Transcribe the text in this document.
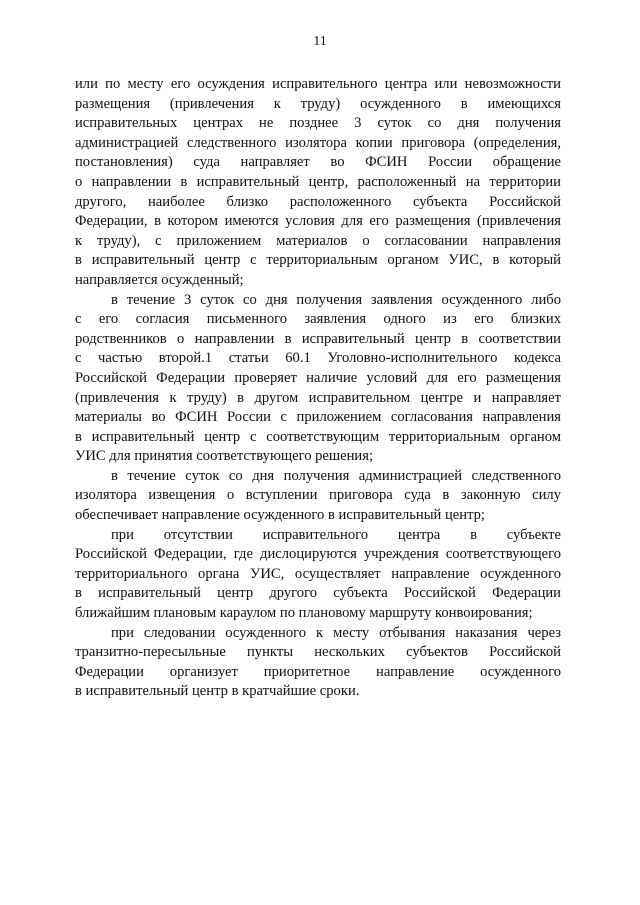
11
или по месту его осуждения исправительного центра или невозможности
размещения (привлечения к труду) осужденного в имеющихся
исправительных центрах не позднее 3 суток со дня получения
администрацией следственного изолятора копии приговора (определения,
постановления) суда направляет во ФСИН России обращение
о направлении в исправительный центр, расположенный на территории
другого, наиболее близко расположенного субъекта Российской
Федерации, в котором имеются условия для его размещения (привлечения
к труду), с приложением материалов о согласовании направления
в исправительный центр с территориальным органом УИС, в который
направляется осужденный;
в течение 3 суток со дня получения заявления осужденного либо
с его согласия письменного заявления одного из его близких
родственников о направлении в исправительный центр в соответствии
с частью второй.1 статьи 60.1 Уголовно-исполнительного кодекса
Российской Федерации проверяет наличие условий для его размещения
(привлечения к труду) в другом исправительном центре и направляет
материалы во ФСИН России с приложением согласования направления
в исправительный центр с соответствующим территориальным органом
УИС для принятия соответствующего решения;
в течение суток со дня получения администрацией следственного
изолятора извещения о вступлении приговора суда в законную силу
обеспечивает направление осужденного в исправительный центр;
при отсутствии исправительного центра в субъекте
Российской Федерации, где дислоцируются учреждения соответствующего
территориального органа УИС, осуществляет направление осужденного
в исправительный центр другого субъекта Российской Федерации
ближайшим плановым караулом по плановому маршруту конвоирования;
при следовании осужденного к месту отбывания наказания через
транзитно-пересыльные пункты нескольких субъектов Российской
Федерации организует приоритетное направление осужденного
в исправительный центр в кратчайшие сроки.
